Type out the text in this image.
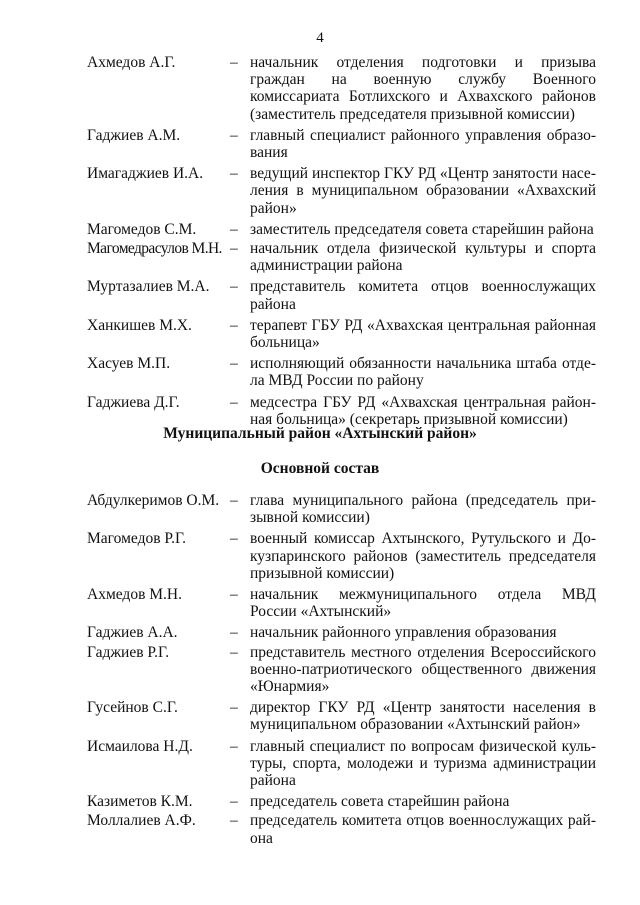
4
Ахмедов А.Г.	– начальник отделения подготовки и призыва граждан на военную службу Военного комиссариата Ботлихского и Ахвахского районов (заместитель председателя призывной комиссии)
Гаджиев А.М.	– главный специалист районного управления образования
Имагаджиев И.А. – ведущий инспектор ГКУ РД «Центр занятости населения в муниципальном образовании «Ахвахский район»
Магомедов С.М. – заместитель председателя совета старейшин района
Магомедрасулов М.Н. – начальник отдела физической культуры и спорта администрации района
Муртазалиев М.А. – представитель комитета отцов военнослужащих района
Ханкишев М.Х. – терапевт ГБУ РД «Ахвахская центральная районная больница»
Хасуев М.П.	– исполняющий обязанности начальника штаба отдела МВД России по району
Гаджиева Д.Г.	– медсестра ГБУ РД «Ахвахская центральная районная больница» (секретарь призывной комиссии)
Муниципальный район «Ахтынский район»
Основной состав
Абдулкеримов О.М. – глава муниципального района (председатель призывной комиссии)
Магомедов Р.Г.	– военный комиссар Ахтынского, Рутульского и Докузпаринского районов (заместитель председателя призывной комиссии)
Ахмедов М.Н.	– начальник межмуниципального отдела МВД России «Ахтынский»
Гаджиев А.А.	– начальник районного управления образования
Гаджиев Р.Г.	– представитель местного отделения Всероссийского военно-патриотического общественного движения «Юнармия»
Гусейнов С.Г.	– директор ГКУ РД «Центр занятости населения в муниципальном образовании «Ахтынский район»
Исмаилова Н.Д. – главный специалист по вопросам физической культуры, спорта, молодежи и туризма администрации района
Казиметов К.М. – председатель совета старейшин района
Моллалиев А.Ф. – председатель комитета отцов военнослужащих района
